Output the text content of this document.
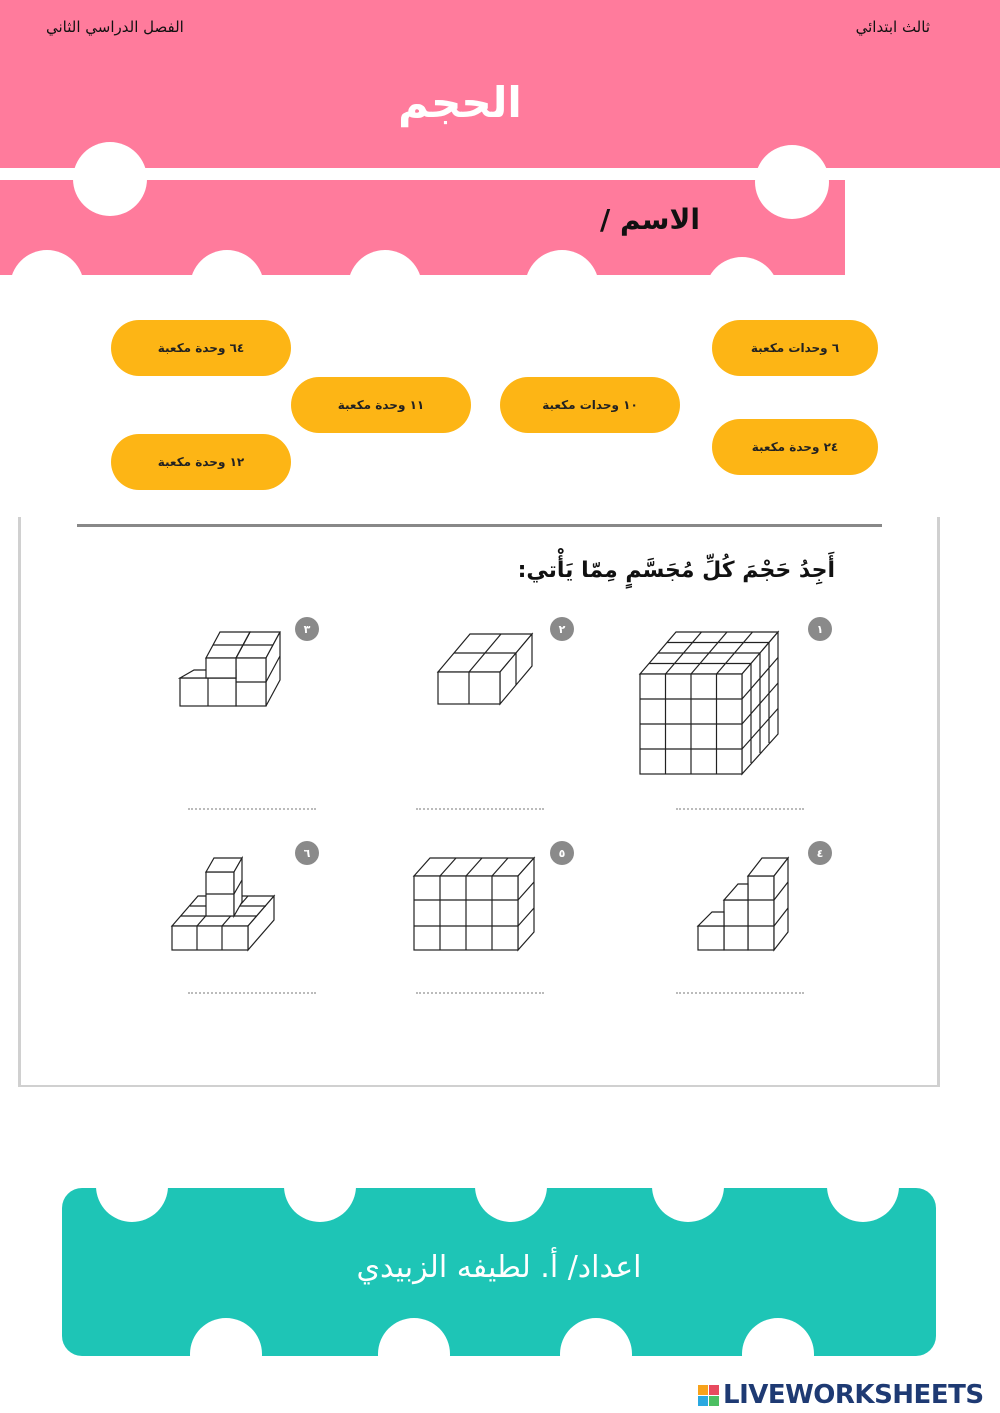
الفصل الدراسي الثاني	ثالث ابتدائي
الحجم
الاسم /
٦ وحدات مكعبة
٦٤ وحدة مكعبة
١٠ وحدات مكعبة
١١ وحدة مكعبة
٢٤ وحدة مكعبة
١٢ وحدة مكعبة
أَجِدُ حَجْمَ كُلِّ مُجَسَّمٍ مِمّا يَأْتي:
١
٢
٣
٤
٥
٦
اعداد/ أ. لطيفه الزبيدي
LIVEWORKSHEETS
